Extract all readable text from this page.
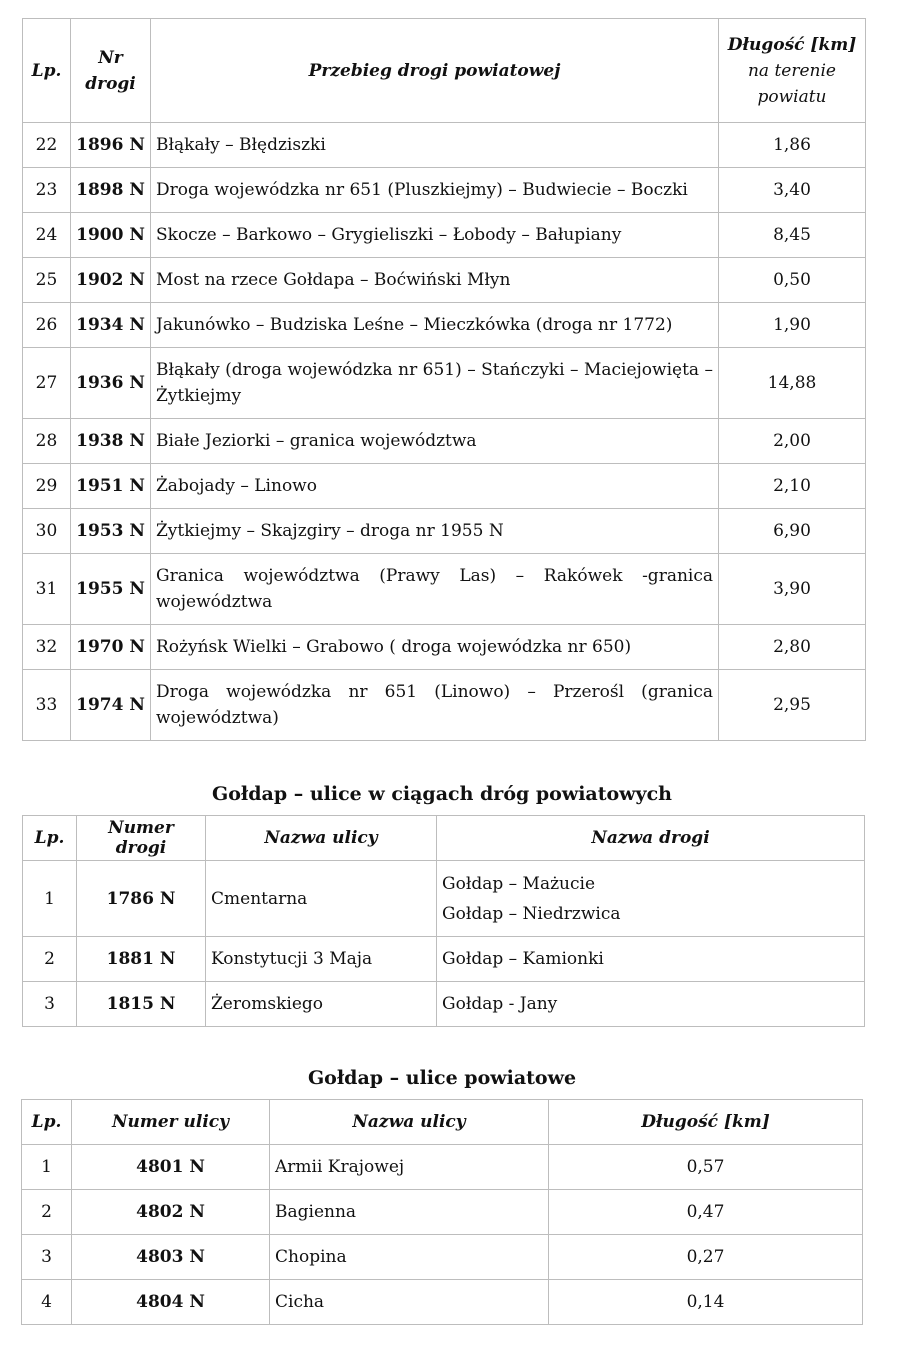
Lp.	Nr drogi	Przebieg drogi powiatowej	Długość [km]
na terenie powiatu

22	1896 N	Błąkały – Błędziszki	1,86
23	1898 N	Droga wojewódzka nr 651 (Pluszkiejmy) – Budwiecie – Boczki	3,40
24	1900 N	Skocze – Barkowo – Grygieliszki – Łobody – Bałupiany	8,45
25	1902 N	Most na rzece Gołdapa – Boćwiński Młyn	0,50
26	1934 N	Jakunówko – Budziska Leśne – Mieczkówka (droga nr 1772)	1,90
27	1936 N	Błąkały (droga wojewódzka nr 651) – Stańczyki – Maciejowięta – Żytkiejmy	14,88
28	1938 N	Białe Jeziorki – granica województwa	2,00
29	1951 N	Żabojady – Linowo	2,10
30	1953 N	Żytkiejmy – Skajzgiry – droga nr 1955 N	6,90
31	1955 N	Granica województwa (Prawy Las) – Rakówek -granica województwa	3,90
32	1970 N	Rożyńsk Wielki – Grabowo ( droga wojewódzka nr 650)	2,80
33	1974 N	Droga wojewódzka nr 651 (Linowo) – Przerośl (granica województwa)	2,95
Gołdap – ulice w ciągach dróg powiatowych
Lp.	Numer drogi	Nazwa ulicy	Nazwa drogi
1	1786 N	Cmentarna	Gołdap – Mażucie
Gołdap – Niedrzwica

2	1881 N	Konstytucji 3 Maja	Gołdap – Kamionki

3	1815 N	Żeromskiego	Gołdap - Jany
Gołdap – ulice powiatowe
Lp.	Numer ulicy	Nazwa ulicy	Długość [km]
1	4801 N	Armii Krajowej	0,57
2	4802 N	Bagienna	0,47
3	4803 N	Chopina	0,27
4	4804 N	Cicha	0,14
